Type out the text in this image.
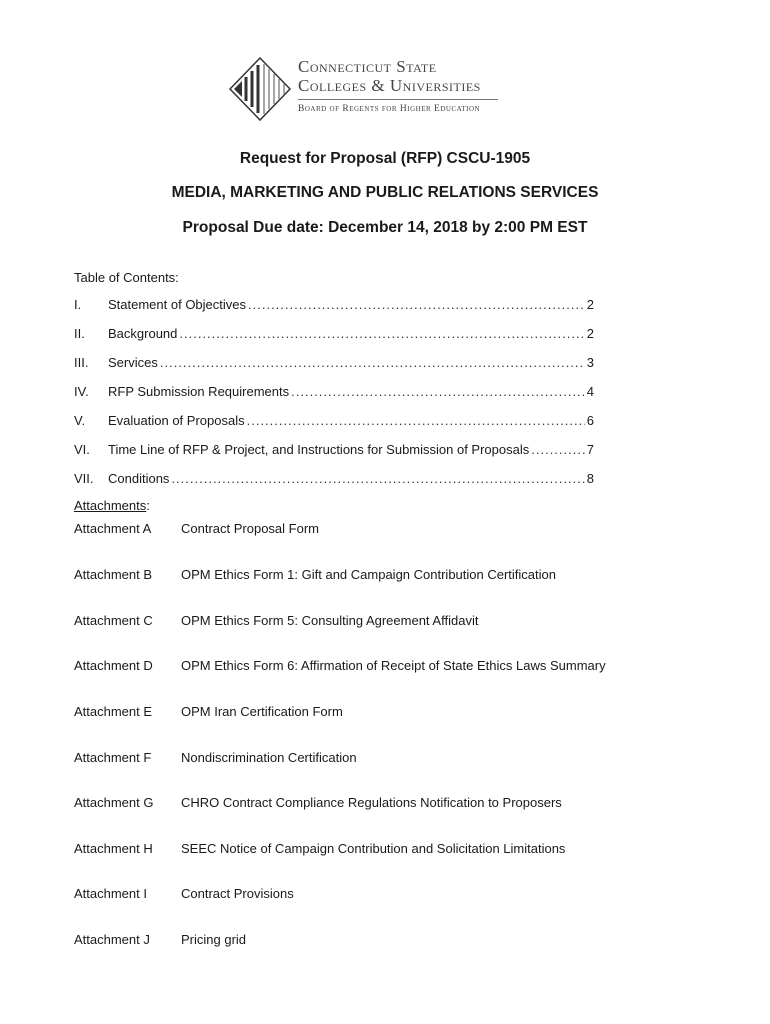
Connecticut State
Colleges & Universities
Board of Regents for Higher Education
Request for Proposal (RFP) CSCU-1905
MEDIA, MARKETING AND PUBLIC RELATIONS SERVICES
Proposal Due date: December 14, 2018 by 2:00 PM EST
Table of Contents:
I.	Statement of Objectives .....	2
II.	Background .....	2
III.	Services .....	3
IV.	RFP Submission Requirements .....	4
V.	Evaluation of Proposals .....	6
VI.	Time Line of RFP & Project, and Instructions for Submission of Proposals .....	7
VII.	Conditions .....	8
Attachments:
Attachment A Contract Proposal Form
Attachment B OPM Ethics Form 1: Gift and Campaign Contribution Certification
Attachment C OPM Ethics Form 5: Consulting Agreement Affidavit
Attachment D OPM Ethics Form 6: Affirmation of Receipt of State Ethics Laws Summary
Attachment E OPM Iran Certification Form
Attachment F Nondiscrimination Certification
Attachment G CHRO Contract Compliance Regulations Notification to Proposers
Attachment H SEEC Notice of Campaign Contribution and Solicitation Limitations
Attachment I	Contract Provisions
Attachment J Pricing grid
